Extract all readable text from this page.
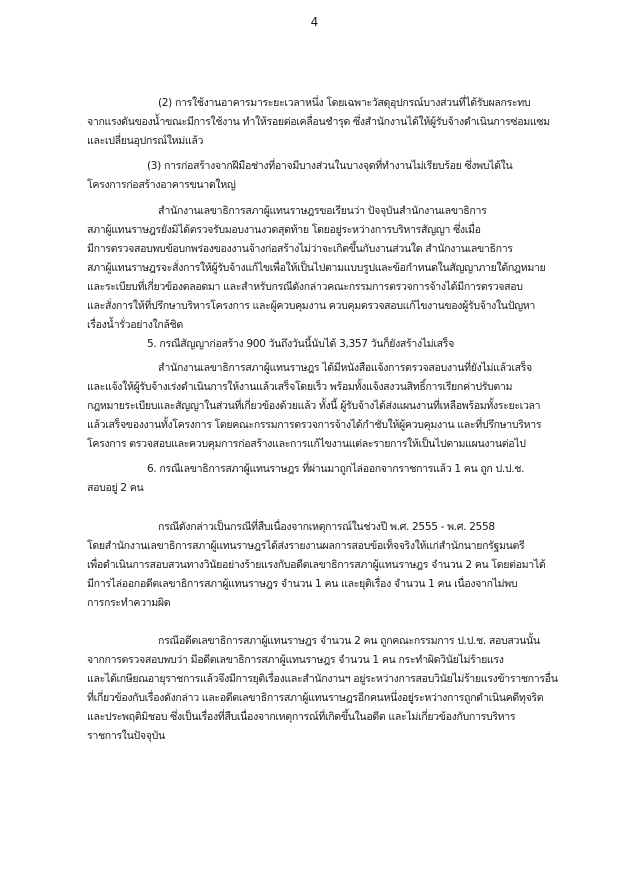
4
(2) การใช้งานอาคารมาระยะเวลาหนึ่ง โดยเฉพาะวัสดุอุปกรณ์บางส่วนที่ได้รับผลกระทบ
จากแรงดันของน้ำขณะมีการใช้งาน ทำให้รอยต่อเคลื่อนชำรุด ซึ่งสำนักงานได้ให้ผู้รับจ้างดำเนินการซ่อมแซม
และเปลี่ยนอุปกรณ์ใหม่แล้ว
(3) การก่อสร้างจากฝีมือช่างที่อาจมีบางส่วนในบางจุดที่ทำงานไม่เรียบร้อย ซึ่งพบได้ใน
โครงการก่อสร้างอาคารขนาดใหญ่
สำนักงานเลขาธิการสภาผู้แทนราษฎรขอเรียนว่า ปัจจุบันสำนักงานเลขาธิการ
สภาผู้แทนราษฎรยังมิได้ตรวจรับมอบงานงวดสุดท้าย โดยอยู่ระหว่างการบริหารสัญญา ซึ่งเมื่อ
มีการตรวจสอบพบข้อบกพร่องของงานจ้างก่อสร้างไม่ว่าจะเกิดขึ้นกับงานส่วนใด สำนักงานเลขาธิการ
สภาผู้แทนราษฎรจะสั่งการให้ผู้รับจ้างแก้ไขเพื่อให้เป็นไปตามแบบรูปและข้อกำหนดในสัญญาภายใต้กฎหมาย
และระเบียบที่เกี่ยวข้องตลอดมา และสำหรับกรณีดังกล่าวคณะกรรมการตรวจการจ้างได้มีการตรวจสอบ
และสั่งการให้ที่ปรึกษาบริหารโครงการ และผู้ควบคุมงาน ควบคุมตรวจสอบแก้ไขงานของผู้รับจ้างในปัญหา
เรื่องน้ำรั่วอย่างใกล้ชิด
5. กรณีสัญญาก่อสร้าง 900 วันถึงวันนี้นับได้ 3,357 วันก็ยังสร้างไม่เสร็จ
สำนักงานเลขาธิการสภาผู้แทนราษฎร ได้มีหนังสือแจ้งการตรวจสอบงานที่ยังไม่แล้วเสร็จ
และแจ้งให้ผู้รับจ้างเร่งดำเนินการให้งานแล้วเสร็จโดยเร็ว พร้อมทั้งแจ้งสงวนสิทธิ์การเรียกค่าปรับตาม
กฎหมายระเบียบและสัญญาในส่วนที่เกี่ยวข้องด้วยแล้ว ทั้งนี้ ผู้รับจ้างได้ส่งแผนงานที่เหลือพร้อมทั้งระยะเวลา
แล้วเสร็จของงานทั้งโครงการ โดยคณะกรรมการตรวจการจ้างได้กำชับให้ผู้ควบคุมงาน และที่ปรึกษาบริหาร
โครงการ ตรวจสอบและควบคุมการก่อสร้างและการแก้ไขงานแต่ละรายการให้เป็นไปตามแผนงานต่อไป
6. กรณีเลขาธิการสภาผู้แทนราษฎร ที่ผ่านมาถูกไล่ออกจากราชการแล้ว 1 คน ถูก ป.ป.ช.
สอบอยู่ 2 คน
กรณีดังกล่าวเป็นกรณีที่สืบเนื่องจากเหตุการณ์ในช่วงปี พ.ศ. 2555 - พ.ศ. 2558
โดยสำนักงานเลขาธิการสภาผู้แทนราษฎรได้ส่งรายงานผลการสอบข้อเท็จจริงให้แก่สำนักนายกรัฐมนตรี
เพื่อดำเนินการสอบสวนทางวินัยอย่างร้ายแรงกับอดีตเลขาธิการสภาผู้แทนราษฎร จำนวน 2 คน โดยต่อมาได้
มีการไล่ออกอดีตเลขาธิการสภาผู้แทนราษฎร จำนวน 1 คน และยุติเรื่อง จำนวน 1 คน เนื่องจากไม่พบ
การกระทำความผิด
กรณีอดีตเลขาธิการสภาผู้แทนราษฎร จำนวน 2 คน ถูกคณะกรรมการ ป.ป.ช. สอบสวนนั้น
จากการตรวจสอบพบว่า มีอดีตเลขาธิการสภาผู้แทนราษฎร จำนวน 1 คน กระทำผิดวินัยไม่ร้ายแรง
และได้เกษียณอายุราชการแล้วจึงมีการยุติเรื่องและสำนักงานฯ อยู่ระหว่างการสอบวินัยไม่ร้ายแรงข้าราชการอื่น
ที่เกี่ยวข้องกับเรื่องดังกล่าว และอดีตเลขาธิการสภาผู้แทนราษฎรอีกคนหนึ่งอยู่ระหว่างการถูกดำเนินคดีทุจริต
และประพฤติมิชอบ ซึ่งเป็นเรื่องที่สืบเนื่องจากเหตุการณ์ที่เกิดขึ้นในอดีต และไม่เกี่ยวข้องกับการบริหาร
ราชการในปัจจุบัน
